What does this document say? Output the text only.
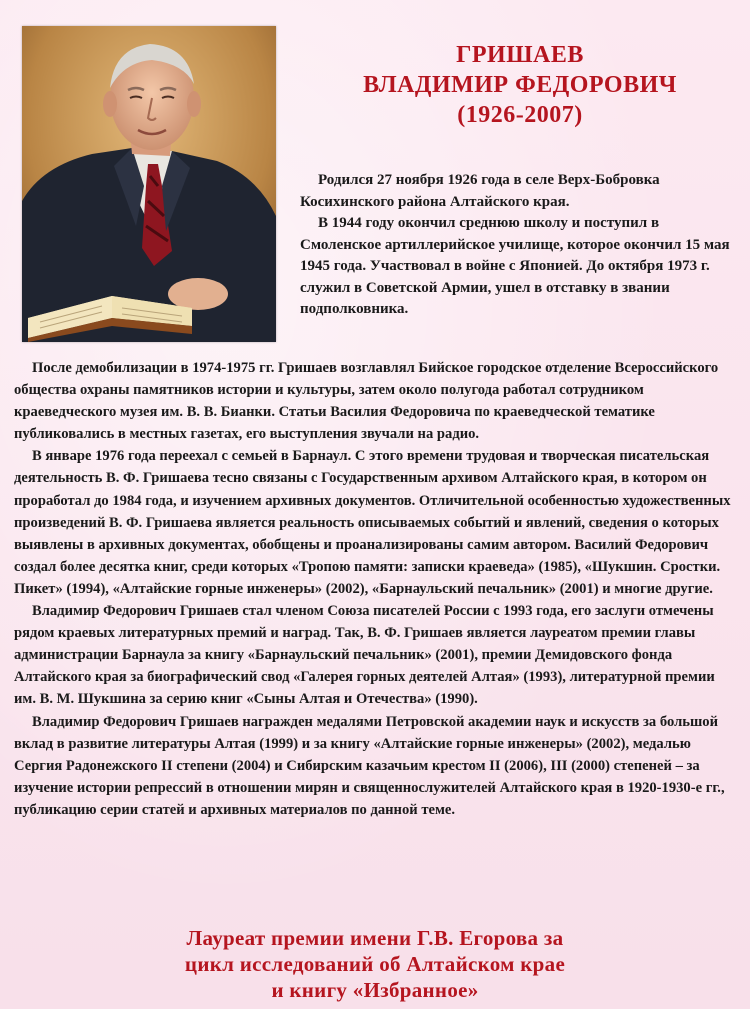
ГРИШАЕВ
ВЛАДИМИР ФЕДОРОВИЧ
(1926-2007)

Родился 27 ноября 1926 года в селе Верх-Бобровка Косихинского района Алтайского края.

В 1944 году окончил среднюю школу и поступил в Смоленское артиллерийское училище, которое окончил 15 мая 1945 года. Участвовал в войне с Японией. До октября 1973 г. служил в Советской Армии, ушел в отставку в звании подполковника.

После демобилизации в 1974-1975 гг. Гришаев возглавлял Бийское городское отделение Всероссийского общества охраны памятников истории и культуры, затем около полугода работал сотрудником краеведческого музея им. В. В. Бианки. Статьи Василия Федоровича по краеведческой тематике публиковались в местных газетах, его выступления звучали на радио.

В январе 1976 года переехал с семьей в Барнаул. С этого времени трудовая и творческая писательская деятельность В. Ф. Гришаева тесно связаны с Государственным архивом Алтайского края, в котором он проработал до 1984 года, и изучением архивных документов. Отличительной особенностью художественных произведений В. Ф. Гришаева является реальность описываемых событий и явлений, сведения о которых выявлены в архивных документах, обобщены и проанализированы самим автором. Василий Федорович создал более десятка книг, среди которых «Тропою памяти: записки краеведа» (1985), «Шукшин. Сростки. Пикет» (1994), «Алтайские горные инженеры» (2002), «Барнаульский печальник» (2001) и многие другие.

Владимир Федорович Гришаев стал членом Союза писателей России с 1993 года, его заслуги отмечены рядом краевых литературных премий и наград. Так, В. Ф. Гришаев является лауреатом премии главы администрации Барнаула за книгу «Барнаульский печальник» (2001), премии Демидовского фонда Алтайского края за биографический свод «Галерея горных деятелей Алтая» (1993), литературной премии им. В. М. Шукшина за серию книг «Сыны Алтая и Отечества» (1990).

Владимир Федорович Гришаев награжден медалями Петровской академии наук и искусств за большой вклад в развитие литературы Алтая (1999) и за книгу «Алтайские горные инженеры» (2002), медалью Сергия Радонежского II степени (2004) и Сибирским казачьим крестом II (2006), III (2000) степеней – за изучение истории репрессий в отношении мирян и священнослужителей Алтайского края в 1920-1930-е гг., публикацию серии статей и архивных материалов по данной теме.

Лауреат премии имени Г.В. Егорова за
цикл исследований об Алтайском крае
и книгу «Избранное»
